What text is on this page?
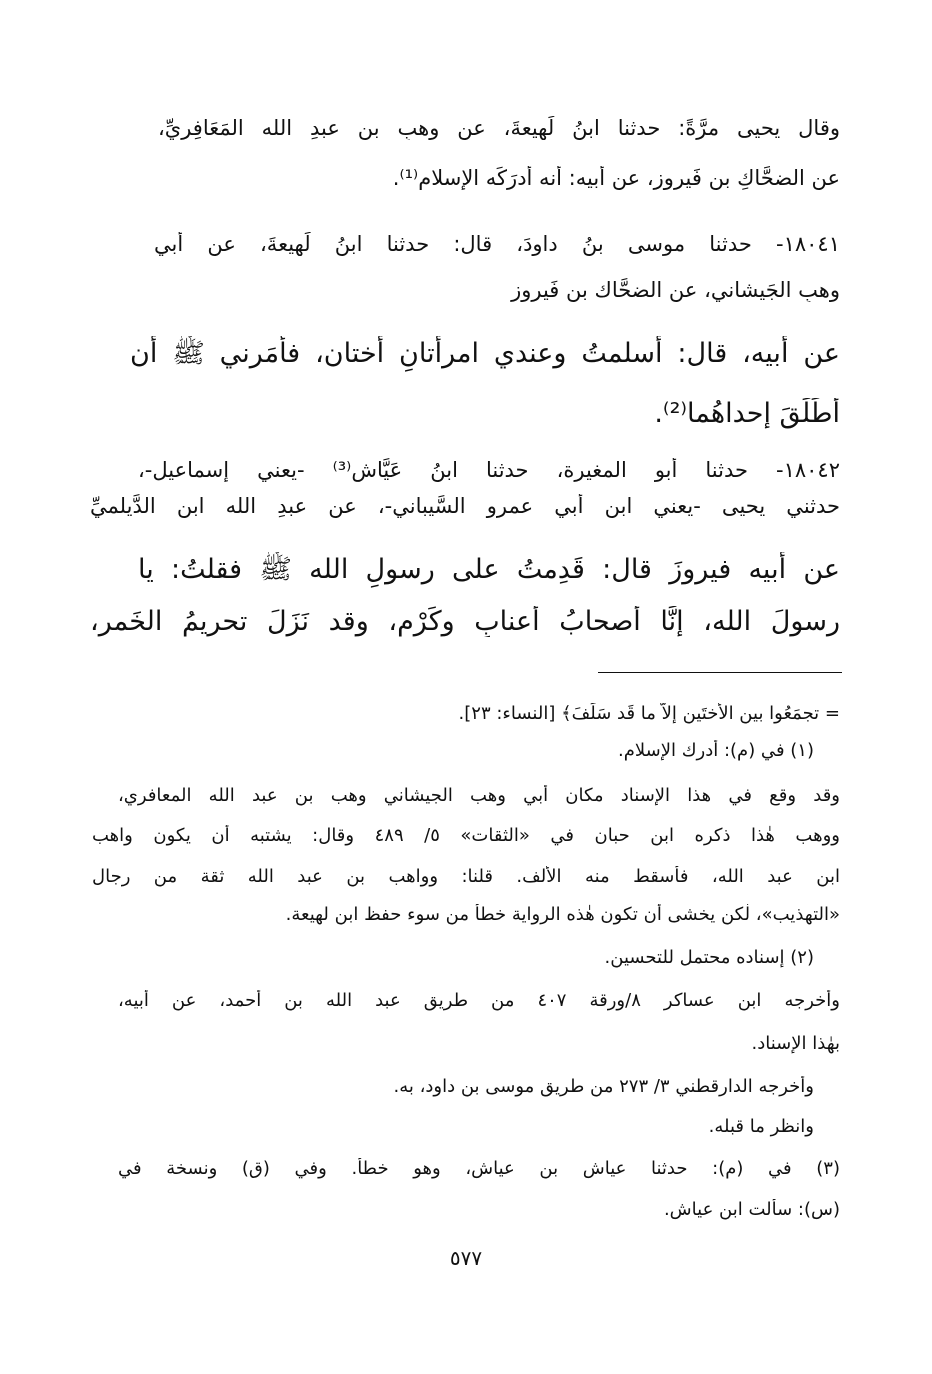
وقال يحيى مرَّةً: حدثنا ابنُ لَهيعةَ، عن وهبِ بن عبدِ الله المَعَافِريِّ،
عن الضحَّاكِ بن فَيروز، عن أبيه: أنه أدرَكَه الإسلام⁽¹⁾.
١٨٠٤١- حدثنا موسى بنُ داودَ، قال: حدثنا ابنُ لَهيعةَ، عن أَبي
وهبٍ الجَيشاني، عن الضحَّاك بنِ فَيروز
عن أبيه، قال: أسلمتُ وعندي امرأتانِ أُختان، فأَمَرني ﷺ أن
أُطَلِّقَ إِحداهُما⁽²⁾.
١٨٠٤٢- حدثنا أَبو المغيرة، حدثنا ابنُ عَيَّاشٍ⁽³⁾ -يعني إسماعيل-،
حدثني يحيى -يعني ابن أَبي عمرٍو السَّيباني-، عن عبدِ الله ابن الدَّيلميِّ
عن أَبيه فيروزَ قال: قَدِمتُ على رسولِ الله ﷺ فقلتُ: يا
رسولَ الله، إنَّا أصحابُ أَعنابٍ وكَرْمٍ، وقد نَزَلَ تحريمُ الخَمرِ،
= تجمَعُوا بين الأُختَينِ إِلاَّ ما قَد سَلَفَ﴾ [النساء: ٢٣].
(١) في (م): أدرك الإسلام.
وقد وقع في هذا الإسناد مكان أَبي وهب الجيشاني وهب بن عبد الله المعافري،
ووهب هٰذا ذكره ابن حبان في «الثقات» ٥/ ٤٨٩ وقال: يشتبه أن يكون واهب
ابن عبد الله، فأسقط منه الألف. قلنا: وواهب بن عبد الله ثقة من رجال
«التهذيب»، لٰكن يخشى أن تكون هٰذه الرواية خطأ من سوء حفظ ابن لهيعة.
(٢) إسناده محتمل للتحسين.
وأخرجه ابن عساكر ٨/ورقة ٤٠٧ من طريق عبد الله بن أحمد، عن أبيه،
بهٰذا الإسناد.
وأخرجه الدارقطني ٣/ ٢٧٣ من طريق موسى بن داود، به.
وانظر ما قبله.
(٣) في (م): حدثنا عياش بن عياش، وهو خطأ. وفي (ق) ونسخة في
(س): سألت ابن عياش.
٥٧٧
